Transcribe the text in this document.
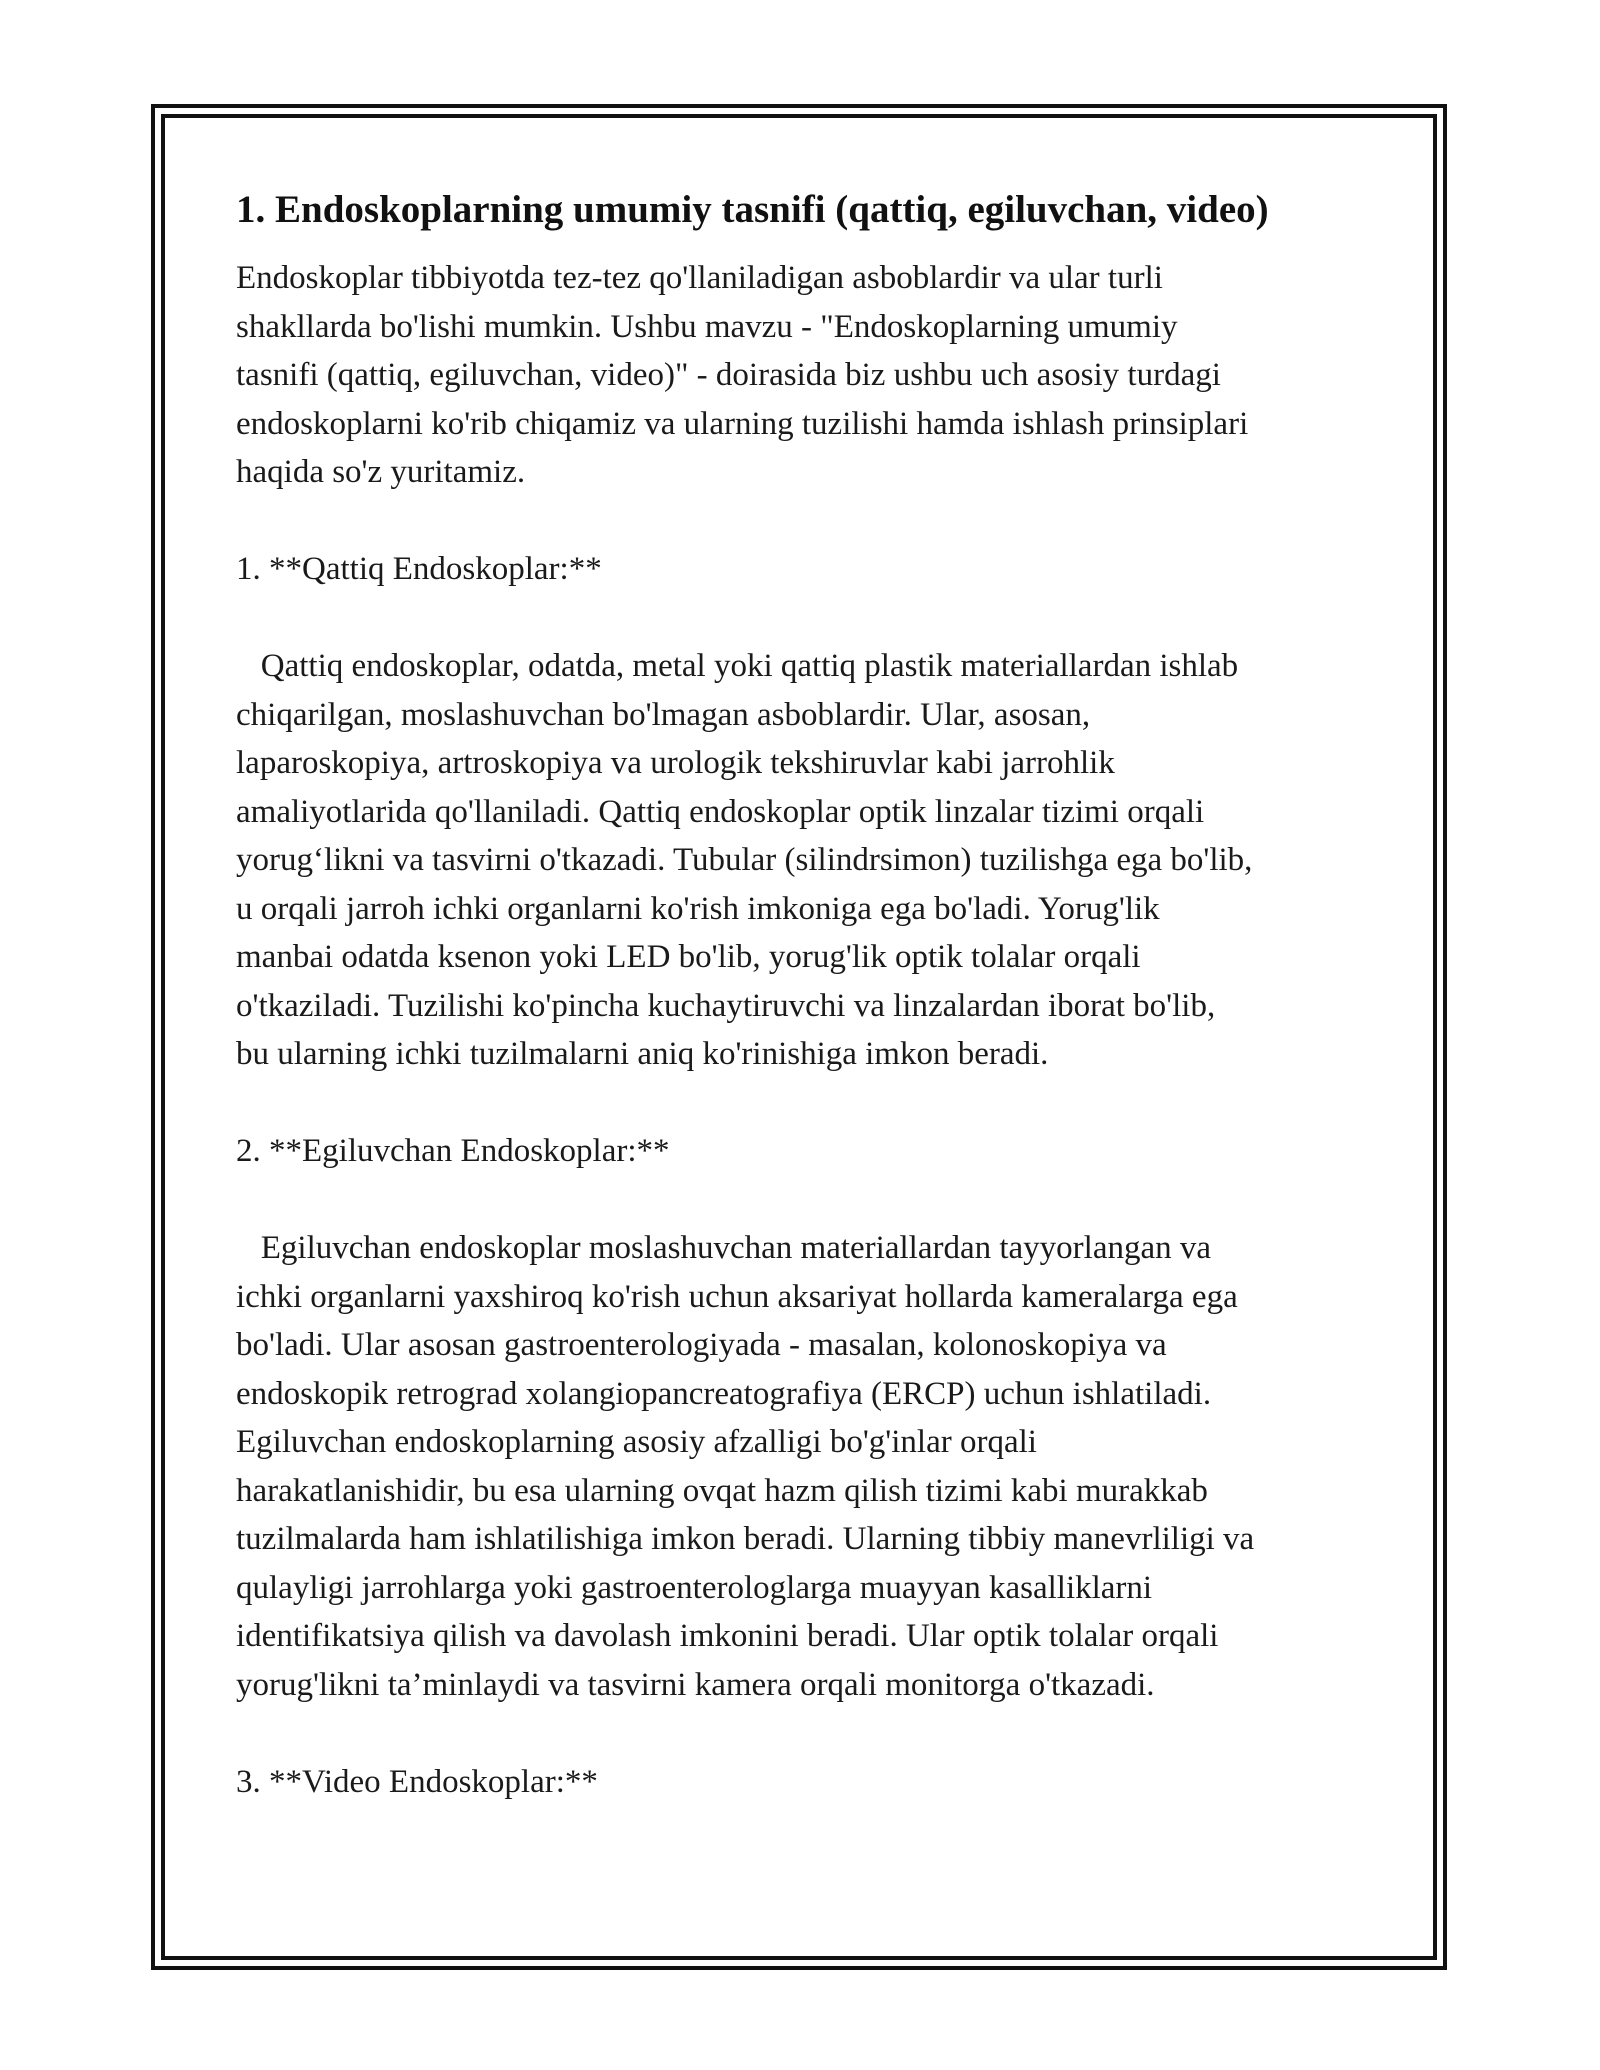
1. Endoskoplarning umumiy tasnifi (qattiq, egiluvchan, video)

Endoskoplar tibbiyotda tez-tez qo'llaniladigan asboblardir va ular turli
shakllarda bo'lishi mumkin. Ushbu mavzu - "Endoskoplarning umumiy
tasnifi (qattiq, egiluvchan, video)" - doirasida biz ushbu uch asosiy turdagi
endoskoplarni ko'rib chiqamiz va ularning tuzilishi hamda ishlash prinsiplari
haqida so'z yuritamiz.

1. **Qattiq Endoskoplar:**

Qattiq endoskoplar, odatda, metal yoki qattiq plastik materiallardan ishlab
chiqarilgan, moslashuvchan bo'lmagan asboblardir. Ular, asosan,
laparoskopiya, artroskopiya va urologik tekshiruvlar kabi jarrohlik
amaliyotlarida qo'llaniladi. Qattiq endoskoplar optik linzalar tizimi orqali
yorug‘likni va tasvirni o'tkazadi. Tubular (silindrsimon) tuzilishga ega bo'lib,
u orqali jarroh ichki organlarni ko'rish imkoniga ega bo'ladi. Yorug'lik
manbai odatda ksenon yoki LED bo'lib, yorug'lik optik tolalar orqali
o'tkaziladi. Tuzilishi ko'pincha kuchaytiruvchi va linzalardan iborat bo'lib,
bu ularning ichki tuzilmalarni aniq ko'rinishiga imkon beradi.

2. **Egiluvchan Endoskoplar:**

Egiluvchan endoskoplar moslashuvchan materiallardan tayyorlangan va
ichki organlarni yaxshiroq ko'rish uchun aksariyat hollarda kameralarga ega
bo'ladi. Ular asosan gastroenterologiyada - masalan, kolonoskopiya va
endoskopik retrograd xolangiopancreatografiya (ERCP) uchun ishlatiladi.
Egiluvchan endoskoplarning asosiy afzalligi bo'g'inlar orqali
harakatlanishidir, bu esa ularning ovqat hazm qilish tizimi kabi murakkab
tuzilmalarda ham ishlatilishiga imkon beradi. Ularning tibbiy manevrliligi va
qulayligi jarrohlarga yoki gastroenterologlarga muayyan kasalliklarni
identifikatsiya qilish va davolash imkonini beradi. Ular optik tolalar orqali
yorug'likni ta’minlaydi va tasvirni kamera orqali monitorga o'tkazadi.

3. **Video Endoskoplar:**
